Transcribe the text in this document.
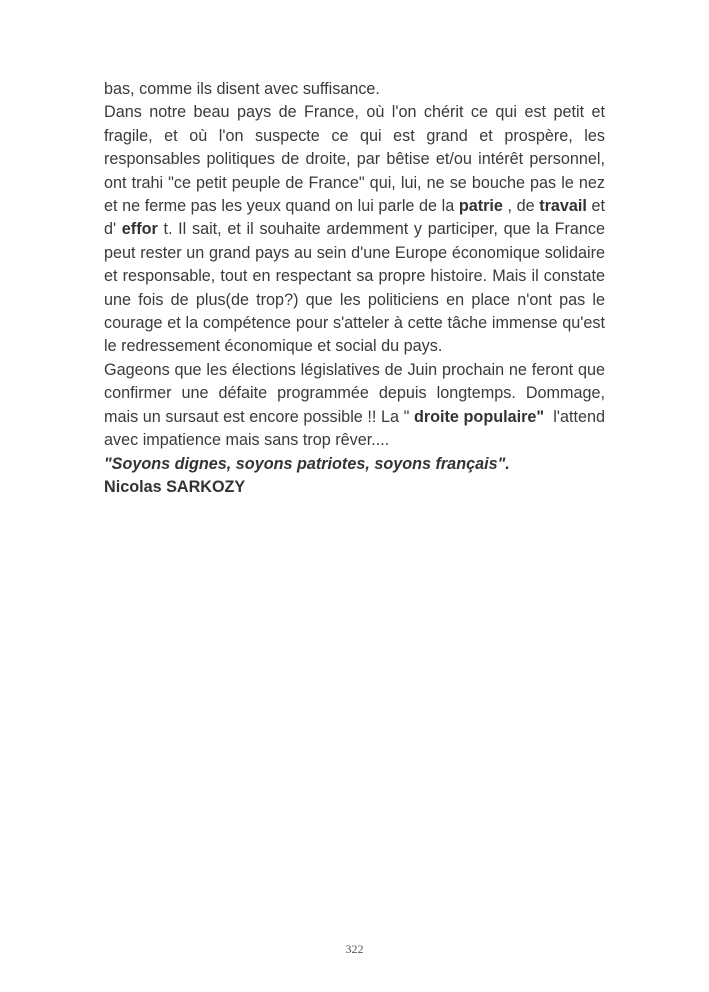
bas, comme ils disent avec suffisance.

Dans notre beau pays de France, où l'on chérit ce qui est petit et
fragile, et où l'on suspecte ce qui est grand et prospère, les
responsables politiques de droite, par bêtise et/ou intérêt personnel,
ont trahi "ce petit peuple de France" qui, lui, ne se bouche pas le nez
et ne ferme pas les yeux quand on lui parle de la patrie , de travail et
d' effor t. Il sait, et il souhaite ardemment y participer, que la France
peut rester un grand pays au sein d'une Europe économique solidaire
et responsable, tout en respectant sa propre histoire. Mais il constate
une fois de plus(de trop?) que les politiciens en place n'ont pas le
courage et la compétence pour s'atteler à cette tâche immense qu'est
le redressement économique et social du pays.

Gageons que les élections législatives de Juin prochain ne feront que
confirmer une défaite programmée depuis longtemps. Dommage,
mais un sursaut est encore possible !! La " droite populaire"  l'attend
avec impatience mais sans trop rêver....

"Soyons dignes, soyons patriotes, soyons français".

Nicolas SARKOZY

322
